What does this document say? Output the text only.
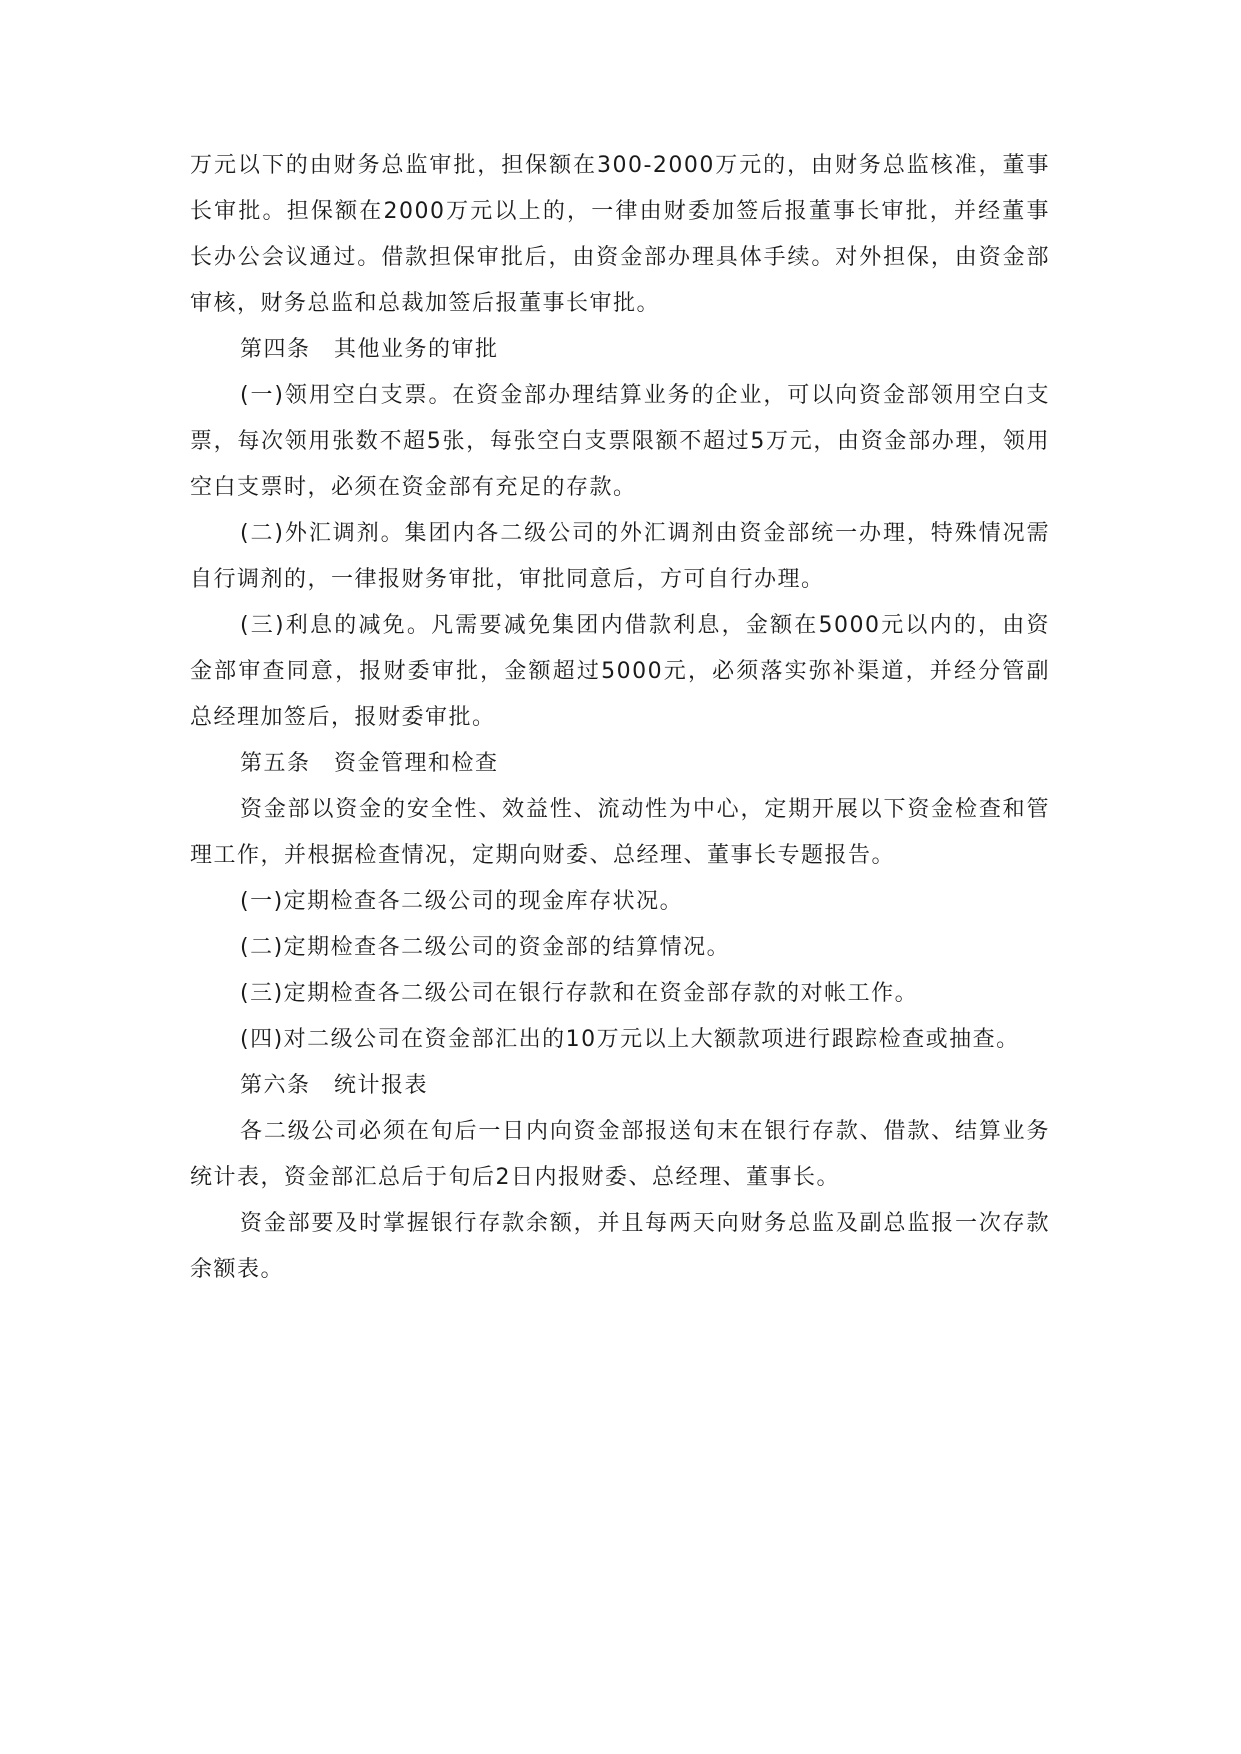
万元以下的由财务总监审批，担保额在300-2000万元的，由财务总监核准，董事长审批。担保额在2000万元以上的，一律由财委加签后报董事长审批，并经董事长办公会议通过。借款担保审批后，由资金部办理具体手续。对外担保，由资金部审核，财务总监和总裁加签后报董事长审批。

第四条　其他业务的审批

(一)领用空白支票。在资金部办理结算业务的企业，可以向资金部领用空白支票，每次领用张数不超5张，每张空白支票限额不超过5万元，由资金部办理，领用空白支票时，必须在资金部有充足的存款。

(二)外汇调剂。集团内各二级公司的外汇调剂由资金部统一办理，特殊情况需自行调剂的，一律报财务审批，审批同意后，方可自行办理。

(三)利息的减免。凡需要减免集团内借款利息，金额在5000元以内的，由资金部审查同意，报财委审批，金额超过5000元，必须落实弥补渠道，并经分管副总经理加签后，报财委审批。

第五条　资金管理和检查

资金部以资金的安全性、效益性、流动性为中心，定期开展以下资金检查和管理工作，并根据检查情况，定期向财委、总经理、董事长专题报告。

(一)定期检查各二级公司的现金库存状况。

(二)定期检查各二级公司的资金部的结算情况。

(三)定期检查各二级公司在银行存款和在资金部存款的对帐工作。

(四)对二级公司在资金部汇出的10万元以上大额款项进行跟踪检查或抽查。

第六条　统计报表

各二级公司必须在旬后一日内向资金部报送旬末在银行存款、借款、结算业务统计表，资金部汇总后于旬后2日内报财委、总经理、董事长。

资金部要及时掌握银行存款余额，并且每两天向财务总监及副总监报一次存款余额表。
